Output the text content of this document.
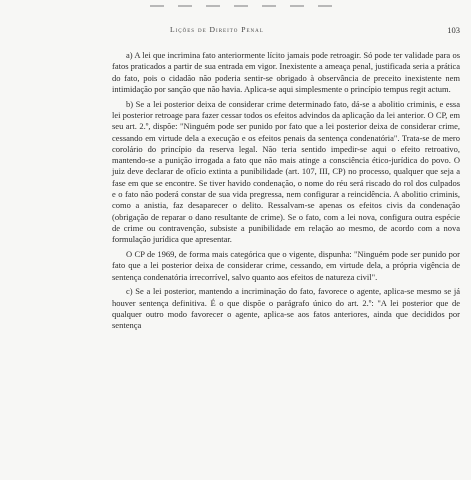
Lições de Direito Penal	103

a) A lei que incrimina fato anteriormente lícito jamais pode retroagir. Só pode ter validade para os fatos praticados a partir de sua entrada em vigor. Inexistente a ameaça penal, justificada seria a prática do fato, pois o cidadão não poderia sentir-se obrigado à observância de preceito inexistente nem intimidação por sanção que não havia. Aplica-se aqui simplesmente o princípio tempus regit actum.

b) Se a lei posterior deixa de considerar crime determinado fato, dá-se a abolitio criminis, e essa lei posterior retroage para fazer cessar todos os efeitos advindos da aplicação da lei anterior. O CP, em seu art. 2.º, dispõe: "Ninguém pode ser punido por fato que a lei posterior deixa de considerar crime, cessando em virtude dela a execução e os efeitos penais da sentença condenatória". Trata-se de mero corolário do princípio da reserva legal. Não teria sentido impedir-se aqui o efeito retroativo, mantendo-se a punição irrogada a fato que não mais atinge a consciência ético-jurídica do povo. O juiz deve declarar de ofício extinta a punibilidade (art. 107, III, CP) no processo, qualquer que seja a fase em que se encontre. Se tiver havido condenação, o nome do réu será riscado do rol dos culpados e o fato não poderá constar de sua vida pregressa, nem configurar a reincidência. A abolitio criminis, como a anistia, faz desaparecer o delito. Ressalvam-se apenas os efeitos civis da condenação (obrigação de reparar o dano resultante de crime). Se o fato, com a lei nova, configura outra espécie de crime ou contravenção, subsiste a punibilidade em relação ao mesmo, de acordo com a nova formulação jurídica que apresentar.

O CP de 1969, de forma mais categórica que o vigente, dispunha: "Ninguém pode ser punido por fato que a lei posterior deixa de considerar crime, cessando, em virtude dela, a própria vigência de sentença condenatória irrecorrível, salvo quanto aos efeitos de natureza civil".

c) Se a lei posterior, mantendo a incriminação do fato, favorece o agente, aplica-se mesmo se já houver sentença definitiva. É o que dispõe o parágrafo único do art. 2.º: "A lei posterior que de qualquer outro modo favorecer o agente, aplica-se aos fatos anteriores, ainda que decididos por sentença
